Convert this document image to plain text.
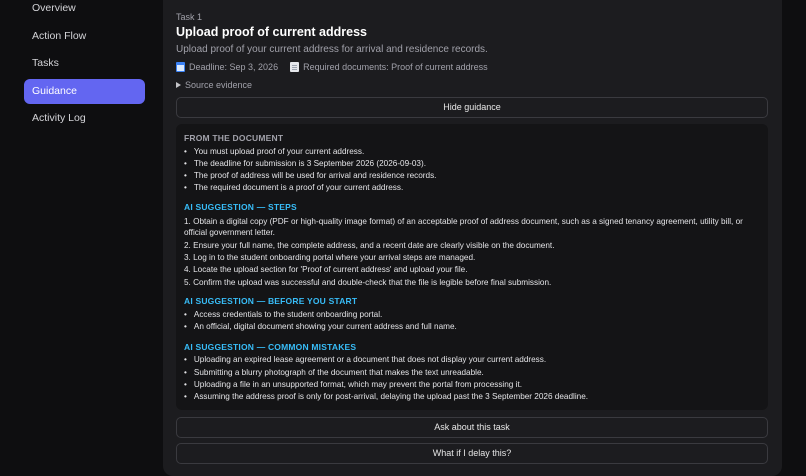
Overview
Action Flow
Tasks
Guidance
Activity Log
Task 1
Upload proof of current address
Upload proof of your current address for arrival and residence records.
Deadline: Sep 3, 2026	Required documents: Proof of current address
Source evidence
Hide guidance
FROM THE DOCUMENT
• You must upload proof of your current address.
• The deadline for submission is 3 September 2026 (2026-09-03).
• The proof of address will be used for arrival and residence records.
• The required document is a proof of your current address.
AI SUGGESTION — STEPS
1. Obtain a digital copy (PDF or high-quality image format) of an acceptable proof of address document, such as a signed tenancy agreement, utility bill, or official government letter.
2. Ensure your full name, the complete address, and a recent date are clearly visible on the document.
3. Log in to the student onboarding portal where your arrival steps are managed.
4. Locate the upload section for 'Proof of current address' and upload your file.
5. Confirm the upload was successful and double-check that the file is legible before final submission.
AI SUGGESTION — BEFORE YOU START
• Access credentials to the student onboarding portal.
• An official, digital document showing your current address and full name.
AI SUGGESTION — COMMON MISTAKES
• Uploading an expired lease agreement or a document that does not display your current address.
• Submitting a blurry photograph of the document that makes the text unreadable.
• Uploading a file in an unsupported format, which may prevent the portal from processing it.
• Assuming the address proof is only for post-arrival, delaying the upload past the 3 September 2026 deadline.
Ask about this task
What if I delay this?
